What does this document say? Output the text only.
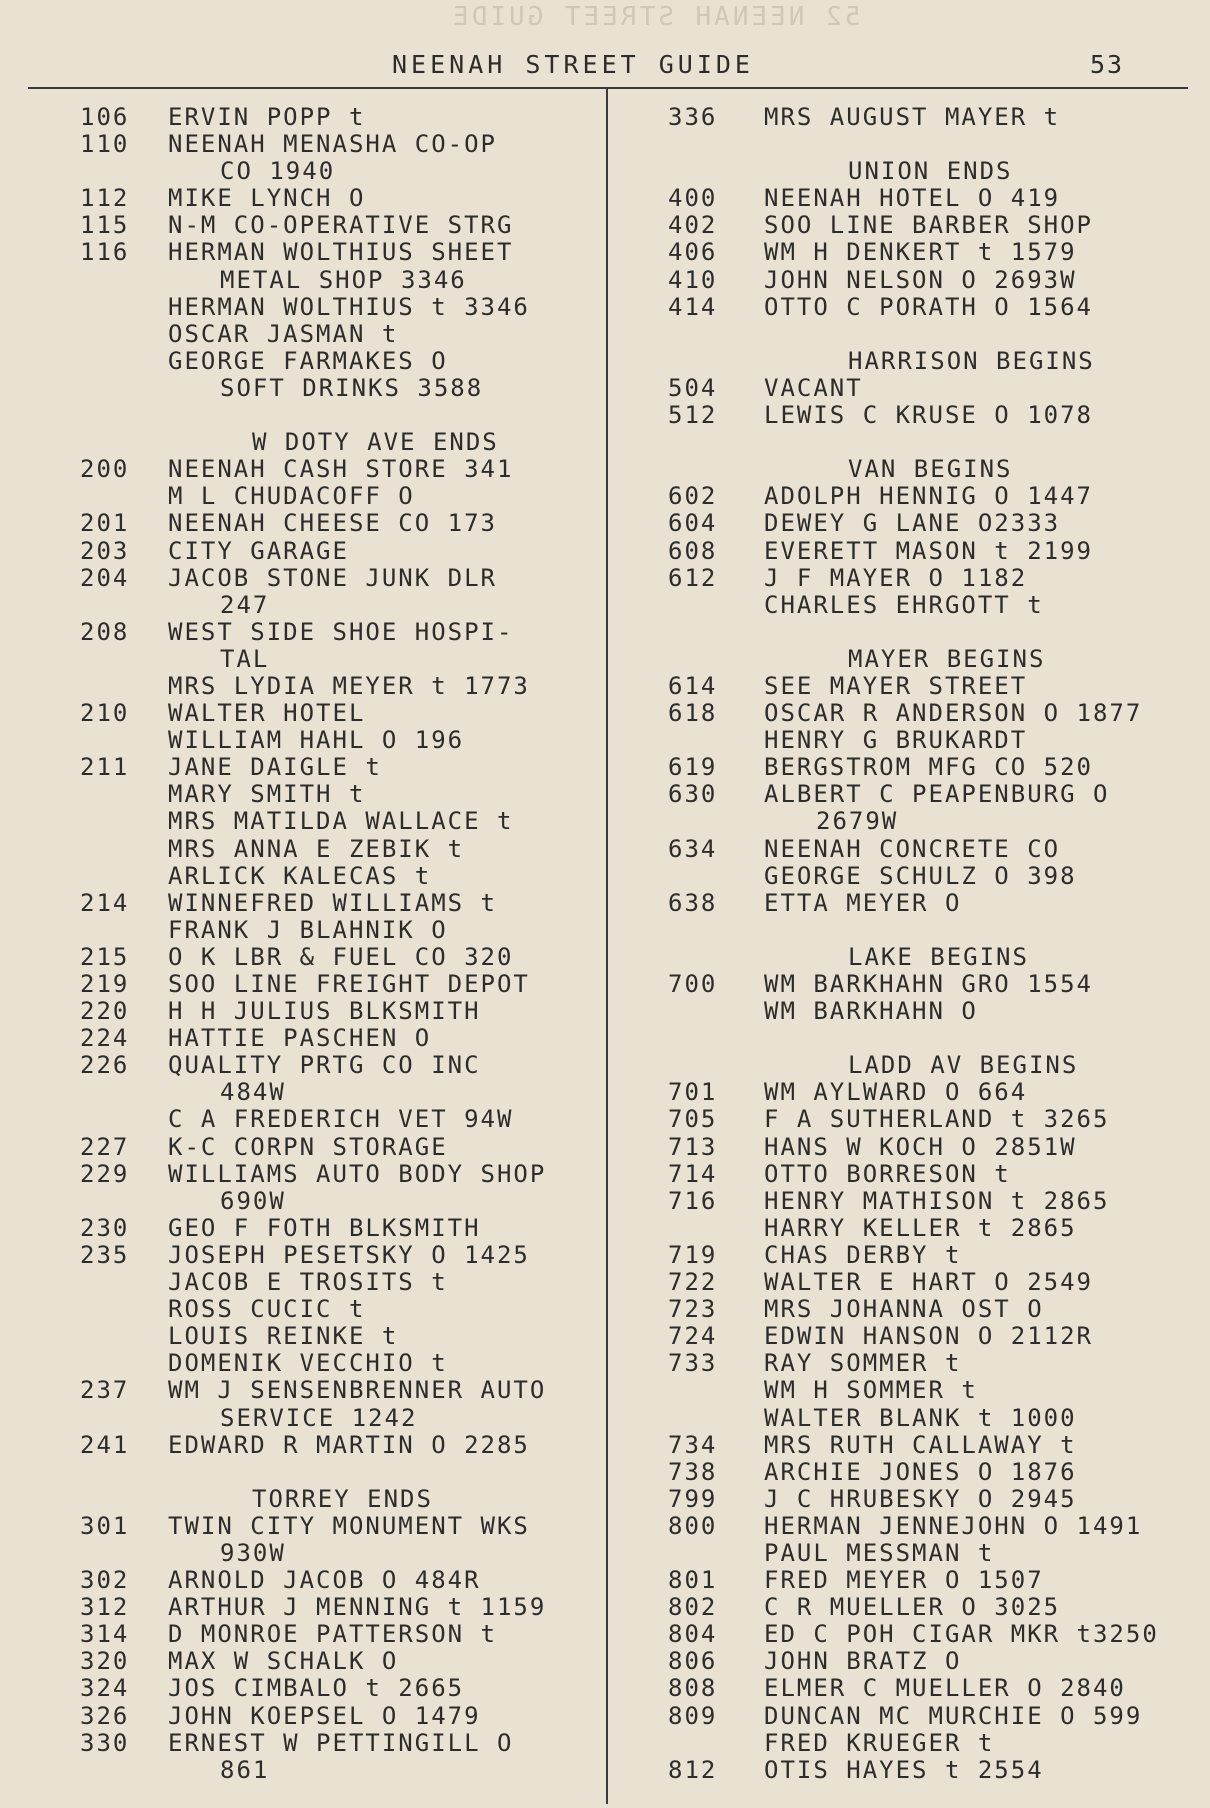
52 NEENAH STREET GUIDE
NEENAH STREET GUIDE	53
106	ERVIN POPP t
110	NEENAH MENASHA CO-OP
CO 1940
112	MIKE LYNCH O
115	N-M CO-OPERATIVE STRG
116	HERMAN WOLTHIUS SHEET
METAL SHOP 3346
HERMAN WOLTHIUS t 3346
OSCAR JASMAN t
GEORGE FARMAKES O
SOFT DRINKS 3588
W DOTY AVE ENDS
200	NEENAH CASH STORE 341
M L CHUDACOFF O
201	NEENAH CHEESE CO 173
203	CITY GARAGE
204	JACOB STONE JUNK DLR
247
208	WEST SIDE SHOE HOSPI-
TAL
MRS LYDIA MEYER t 1773
210	WALTER HOTEL
WILLIAM HAHL O 196
211	JANE DAIGLE t
MARY SMITH t
MRS MATILDA WALLACE t
MRS ANNA E ZEBIK t
ARLICK KALECAS t
214	WINNEFRED WILLIAMS t
FRANK J BLAHNIK O
215	O K LBR & FUEL CO 320
219	SOO LINE FREIGHT DEPOT
220	H H JULIUS BLKSMITH
224	HATTIE PASCHEN O
226	QUALITY PRTG CO INC
484W
C A FREDERICH VET 94W
227	K-C CORPN STORAGE
229	WILLIAMS AUTO BODY SHOP
690W
230	GEO F FOTH BLKSMITH
235	JOSEPH PESETSKY O 1425
JACOB E TROSITS t
ROSS CUCIC t
LOUIS REINKE t
DOMENIK VECCHIO t
237	WM J SENSENBRENNER AUTO
SERVICE 1242
241	EDWARD R MARTIN O 2285
TORREY ENDS
301	TWIN CITY MONUMENT WKS
930W
302	ARNOLD JACOB O 484R
312	ARTHUR J MENNING t 1159
314	D MONROE PATTERSON t
320	MAX W SCHALK O
324	JOS CIMBALO t 2665
326	JOHN KOEPSEL O 1479
330	ERNEST W PETTINGILL O
861
336	MRS AUGUST MAYER t
UNION ENDS
400	NEENAH HOTEL O 419
402	SOO LINE BARBER SHOP
406	WM H DENKERT t 1579
410	JOHN NELSON O 2693W
414	OTTO C PORATH O 1564
HARRISON BEGINS
504	VACANT
512	LEWIS C KRUSE O 1078
VAN BEGINS
602	ADOLPH HENNIG O 1447
604	DEWEY G LANE O2333
608	EVERETT MASON t 2199
612	J F MAYER O 1182
CHARLES EHRGOTT t
MAYER BEGINS
614	SEE MAYER STREET
618	OSCAR R ANDERSON O 1877
HENRY G BRUKARDT
619	BERGSTROM MFG CO 520
630	ALBERT C PEAPENBURG O
2679W
634	NEENAH CONCRETE CO
GEORGE SCHULZ O 398
638	ETTA MEYER O
LAKE BEGINS
700	WM BARKHAHN GRO 1554
WM BARKHAHN O
LADD AV BEGINS
701	WM AYLWARD O 664
705	F A SUTHERLAND t 3265
713	HANS W KOCH O 2851W
714	OTTO BORRESON t
716	HENRY MATHISON t 2865
HARRY KELLER t 2865
719	CHAS DERBY t
722	WALTER E HART O 2549
723	MRS JOHANNA OST O
724	EDWIN HANSON O 2112R
733	RAY SOMMER t
WM H SOMMER t
WALTER BLANK t 1000
734	MRS RUTH CALLAWAY t
738	ARCHIE JONES O 1876
799	J C HRUBESKY O 2945
800	HERMAN JENNEJOHN O 1491
PAUL MESSMAN t
801	FRED MEYER O 1507
802	C R MUELLER O 3025
804	ED C POH CIGAR MKR t3250
806	JOHN BRATZ O
808	ELMER C MUELLER O 2840
809	DUNCAN MC MURCHIE O 599
FRED KRUEGER t
812	OTIS HAYES t 2554
